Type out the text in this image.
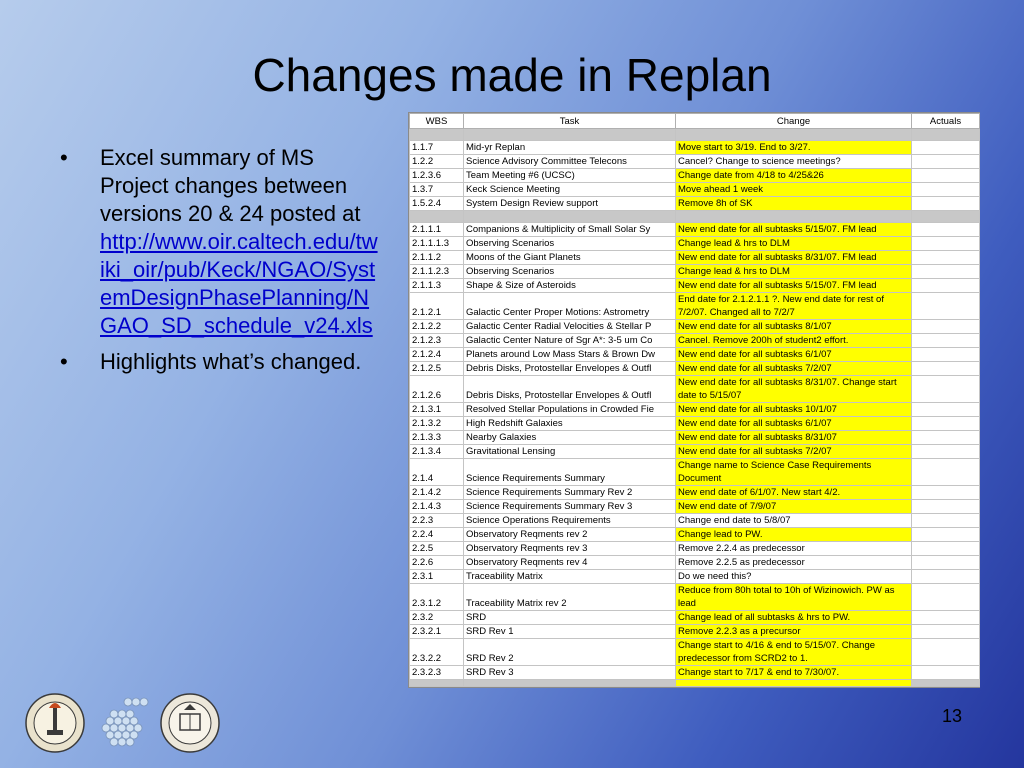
Changes made in Replan
• Excel summary of MS Project changes between versions 20 & 24 posted at http://www.oir.caltech.edu/twiki_oir/pub/Keck/NGAO/SystemDesignPhasePlanning/NGAO_SD_schedule_v24.xls
• Highlights what’s changed.
WBS	Task	Change	Actuals

1.1.7	Mid-yr Replan	Move start to 3/19. End to 3/27.	
1.2.2	Science Advisory Committee Telecons	Cancel? Change to science meetings?	
1.2.3.6	Team Meeting #6 (UCSC)	Change date from 4/18 to 4/25&26	
1.3.7	Keck Science Meeting	Move ahead 1 week	
1.5.2.4	System Design Review support	Remove 8h of SK	

2.1.1.1	Companions & Multiplicity of Small Solar Sy	New end date for all subtasks 5/15/07. FM lead	
2.1.1.1.3	Observing Scenarios	Change lead & hrs to DLM	
2.1.1.2	Moons of the Giant Planets	New end date for all subtasks 8/31/07. FM lead	
2.1.1.2.3	Observing Scenarios	Change lead & hrs to DLM	
2.1.1.3	Shape & Size of Asteroids	New end date for all subtasks 5/15/07. FM lead	
2.1.2.1	Galactic Center Proper Motions: Astrometry	End date for 2.1.2.1.1 ?. New end date for rest of 7/2/07. Changed all to 7/2/7	
2.1.2.2	Galactic Center Radial Velocities & Stellar P	New end date for all subtasks 8/1/07	
2.1.2.3	Galactic Center Nature of Sgr A*: 3-5 um Co	Cancel. Remove 200h of student2 effort.	
2.1.2.4	Planets around Low Mass Stars & Brown Dw	New end date for all subtasks 6/1/07	
2.1.2.5	Debris Disks, Protostellar Envelopes & Outfl	New end date for all subtasks 7/2/07	
2.1.2.6	Debris Disks, Protostellar Envelopes & Outfl	New end date for all subtasks 8/31/07. Change start date to 5/15/07	
2.1.3.1	Resolved Stellar Populations in Crowded Fie	New end date for all subtasks 10/1/07	
2.1.3.2	High Redshift Galaxies	New end date for all subtasks 6/1/07	
2.1.3.3	Nearby Galaxies	New end date for all subtasks 8/31/07	
2.1.3.4	Gravitational Lensing	New end date for all subtasks 7/2/07	
2.1.4	Science Requirements Summary	Change name to Science Case Requirements Document	
2.1.4.2	Science Requirements Summary Rev 2	New end date of 6/1/07. New start 4/2.	
2.1.4.3	Science Requirements Summary Rev 3	New end date of 7/9/07	
2.2.3	Science Operations Requirements	Change end date to 5/8/07	
2.2.4	Observatory Reqments rev 2	Change lead to PW.	
2.2.5	Observatory Reqments rev 3	Remove 2.2.4 as predecessor	
2.2.6	Observatory Reqments rev 4	Remove 2.2.5 as predecessor	
2.3.1	Traceability Matrix	Do we need this?	
2.3.1.2	Traceability Matrix rev 2	Reduce from 80h total to 10h of Wizinowich. PW as lead	
2.3.2	SRD	Change lead of all subtasks & hrs to PW.	
2.3.2.1	SRD Rev 1	Remove 2.2.3 as a precursor	
2.3.2.2	SRD Rev 2	Change start to 4/16 & end to 5/15/07. Change predecessor from SCRD2 to 1.	
2.3.2.3	SRD Rev 3	Change start to 7/17 & end to 7/30/07.	

13
